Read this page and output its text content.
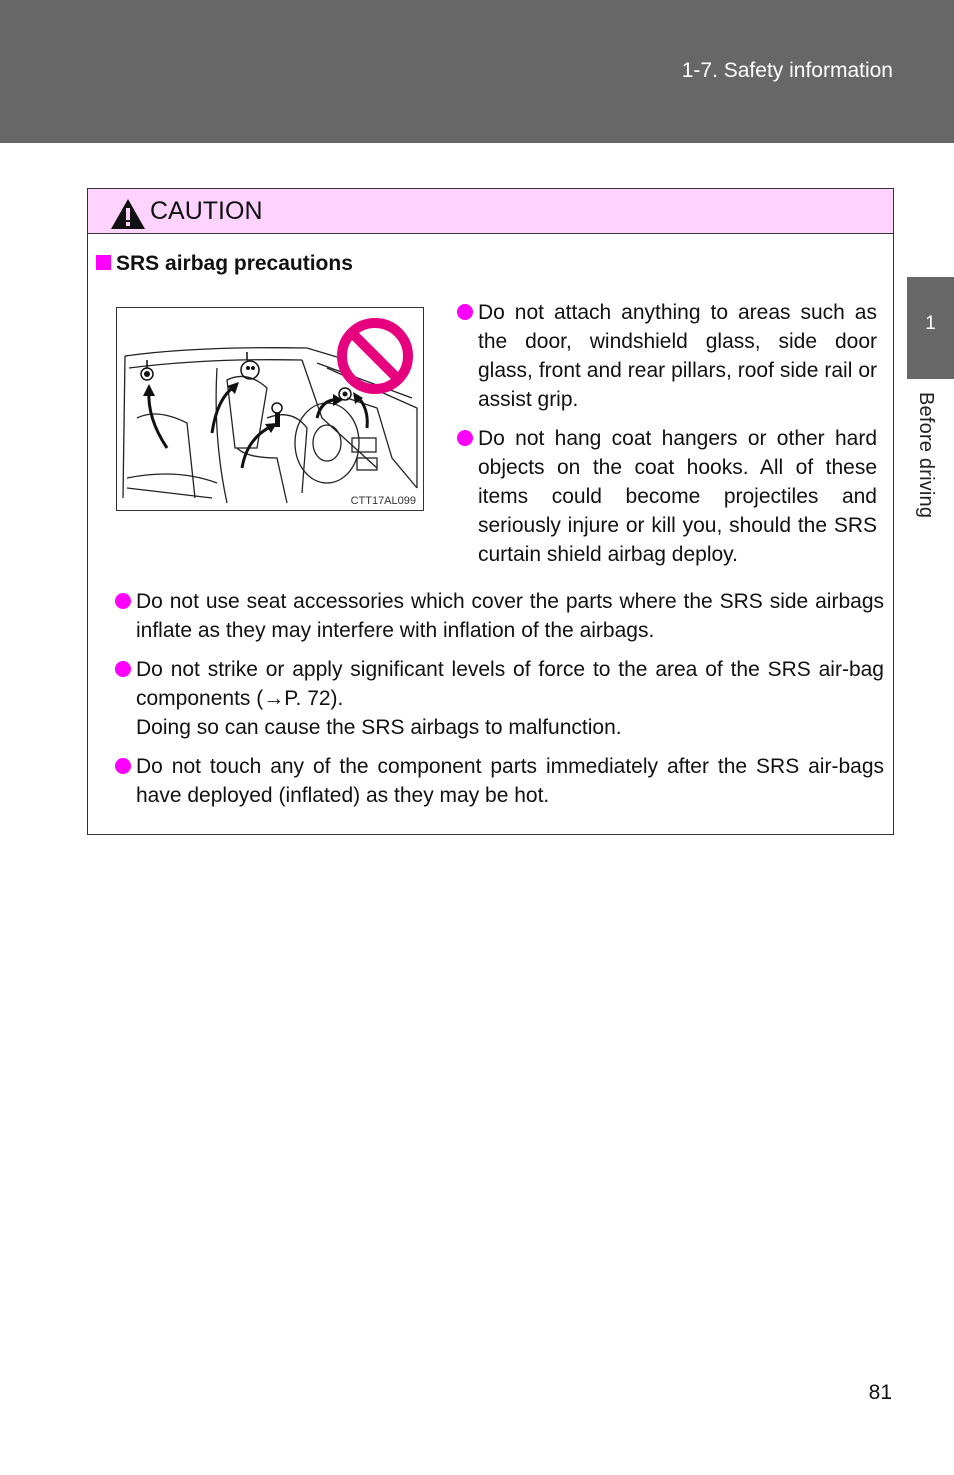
1-7. Safety information
1
Before driving
CAUTION
SRS airbag precautions
CTT17AL099
Do not attach anything to areas such as the door, windshield glass, side door glass, front and rear pillars, roof side rail or assist grip.
Do not hang coat hangers or other hard objects on the coat hooks. All of these items could become projectiles and seriously injure or kill you, should the SRS curtain shield airbag deploy.
Do not use seat accessories which cover the parts where the SRS side airbags inflate as they may interfere with inflation of the airbags.
Do not strike or apply significant levels of force to the area of the SRS air-bag components (→P. 72).
Doing so can cause the SRS airbags to malfunction.
Do not touch any of the component parts immediately after the SRS air-bags have deployed (inflated) as they may be hot.
81
